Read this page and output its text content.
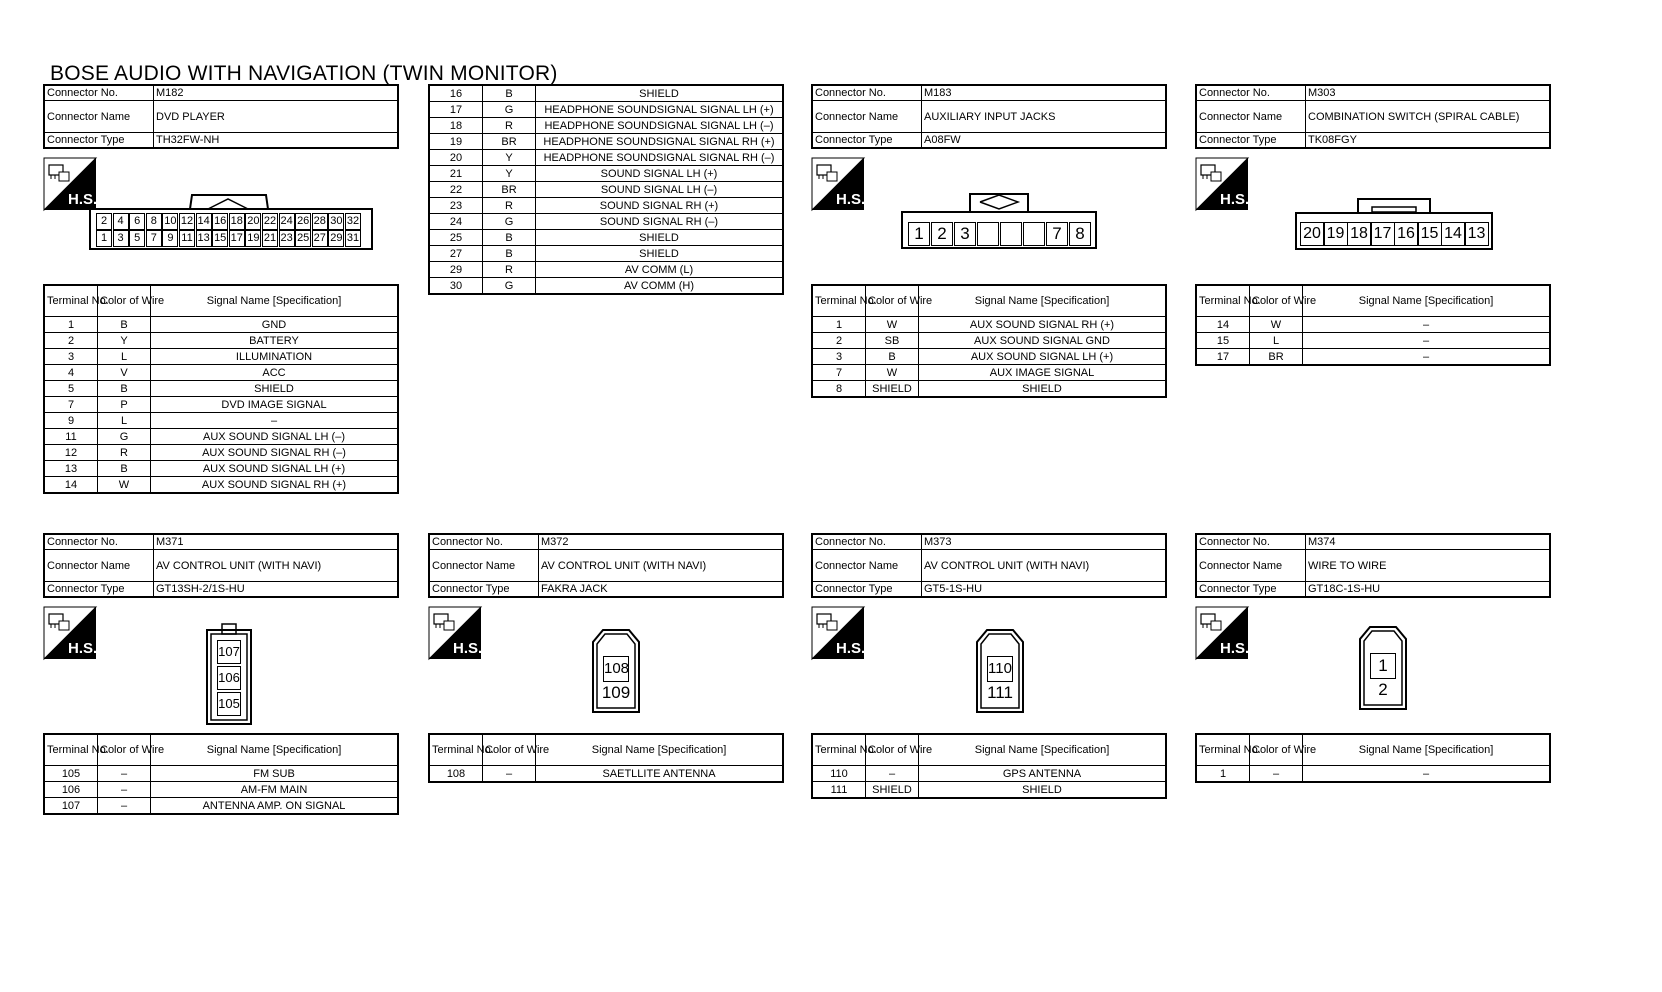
BOSE AUDIO WITH NAVIGATION (TWIN MONITOR)
Connector No.	M182
Connector Name	DVD PLAYER
Connector Type	TH32FW-NH
H.S.
2 4 6 8 10 12 14 16 18 20 22 24 26 28 30 32
1 3 5 7 9 11 13 15 17 19 21 23 25 27 29 31
Terminal No.	Color of Wire	Signal Name [Specification]
1	B	GND
2	Y	BATTERY
3	L	ILLUMINATION
4	V	ACC
5	B	SHIELD
7	P	DVD IMAGE SIGNAL
9	L	–
11	G	AUX SOUND SIGNAL LH (–)
12	R	AUX SOUND SIGNAL RH (–)
13	B	AUX SOUND SIGNAL LH (+)
14	W	AUX SOUND SIGNAL RH (+)
16	B	SHIELD
17	G	HEADPHONE SOUNDSIGNAL SIGNAL LH (+)
18	R	HEADPHONE SOUNDSIGNAL SIGNAL LH (–)
19	BR	HEADPHONE SOUNDSIGNAL SIGNAL RH (+)
20	Y	HEADPHONE SOUNDSIGNAL SIGNAL RH (–)
21	Y	SOUND SIGNAL LH (+)
22	BR	SOUND SIGNAL LH (–)
23	R	SOUND SIGNAL RH (+)
24	G	SOUND SIGNAL RH (–)
25	B	SHIELD
27	B	SHIELD
29	R	AV COMM (L)
30	G	AV COMM (H)
Connector No.	M183
Connector Name	AUXILIARY INPUT JACKS
Connector Type	A08FW
H.S.
1 2 3	7 8
Terminal No.	Color of Wire	Signal Name [Specification]
1	W	AUX SOUND SIGNAL RH (+)
2	SB	AUX SOUND SIGNAL GND
3	B	AUX SOUND SIGNAL LH (+)
7	W	AUX IMAGE SIGNAL
8	SHIELD	SHIELD
Connector No.	M303
Connector Name	COMBINATION SWITCH (SPIRAL CABLE)
Connector Type	TK08FGY
H.S.
20 19 18 17 16 15 14 13
Terminal No.	Color of Wire	Signal Name [Specification]
14	W	–
15	L	–
17	BR	–
Connector No.	M371
Connector Name	AV CONTROL UNIT (WITH NAVI)
Connector Type	GT13SH-2/1S-HU
H.S.	107
106
105
Terminal No.	Color of Wire	Signal Name [Specification]
105	–	FM SUB
106	–	AM-FM MAIN
107	–	ANTENNA AMP. ON SIGNAL
Connector No.	M372
Connector Name	AV CONTROL UNIT (WITH NAVI)
Connector Type	FAKRA JACK
H.S.
108
109
Terminal No.	Color of Wire	Signal Name [Specification]
108	–	SAETLLITE ANTENNA
Connector No.	M373
Connector Name	AV CONTROL UNIT (WITH NAVI)
Connector Type	GT5-1S-HU
H.S.
110
111
Terminal No.	Color of Wire	Signal Name [Specification]
110	–	GPS ANTENNA
111	SHIELD	SHIELD
Connector No.	M374
Connector Name	WIRE TO WIRE
Connector Type	GT18C-1S-HU
H.S.
1
2
Terminal No.	Color of Wire	Signal Name [Specification]
1	–	–
